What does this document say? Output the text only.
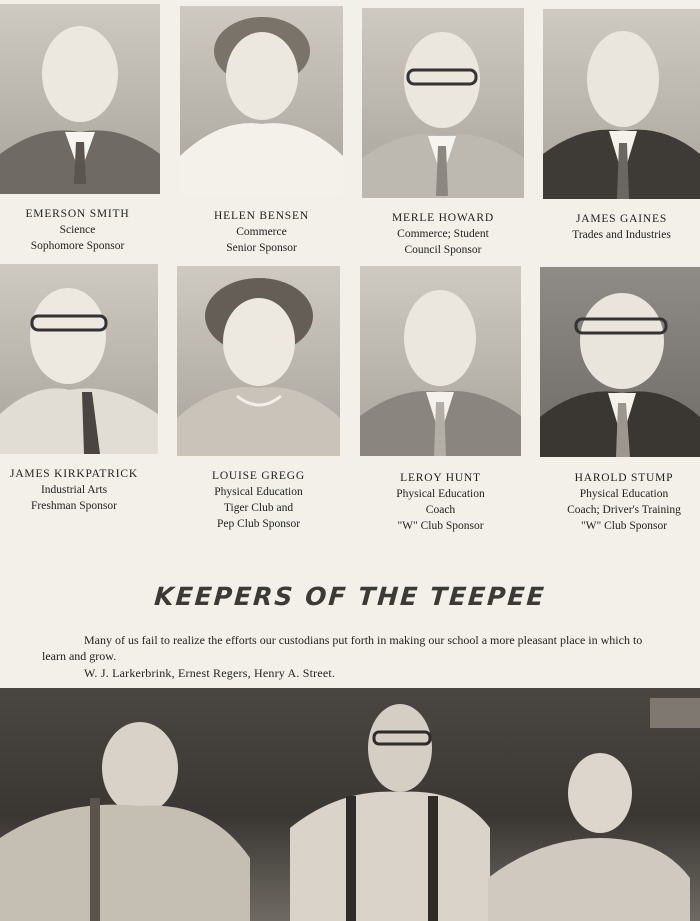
EMERSON SMITH
Science
Sophomore Sponsor
HELEN BENSEN
Commerce
Senior Sponsor
MERLE HOWARD
Commerce; Student
Council Sponsor
JAMES GAINES
Trades and Industries
JAMES KIRKPATRICK
Industrial Arts
Freshman Sponsor
LOUISE GREGG
Physical Education
Tiger Club and
Pep Club Sponsor
LEROY HUNT
Physical Education
Coach
"W" Club Sponsor
HAROLD STUMP
Physical Education
Coach; Driver's Training
"W" Club Sponsor
KEEPERS OF THE TEEPEE

Many of us fail to realize the efforts our custodians put forth in making our school a more pleasant place in which to learn and grow.

W. J. Larkerbrink, Ernest Regers, Henry A. Street.
